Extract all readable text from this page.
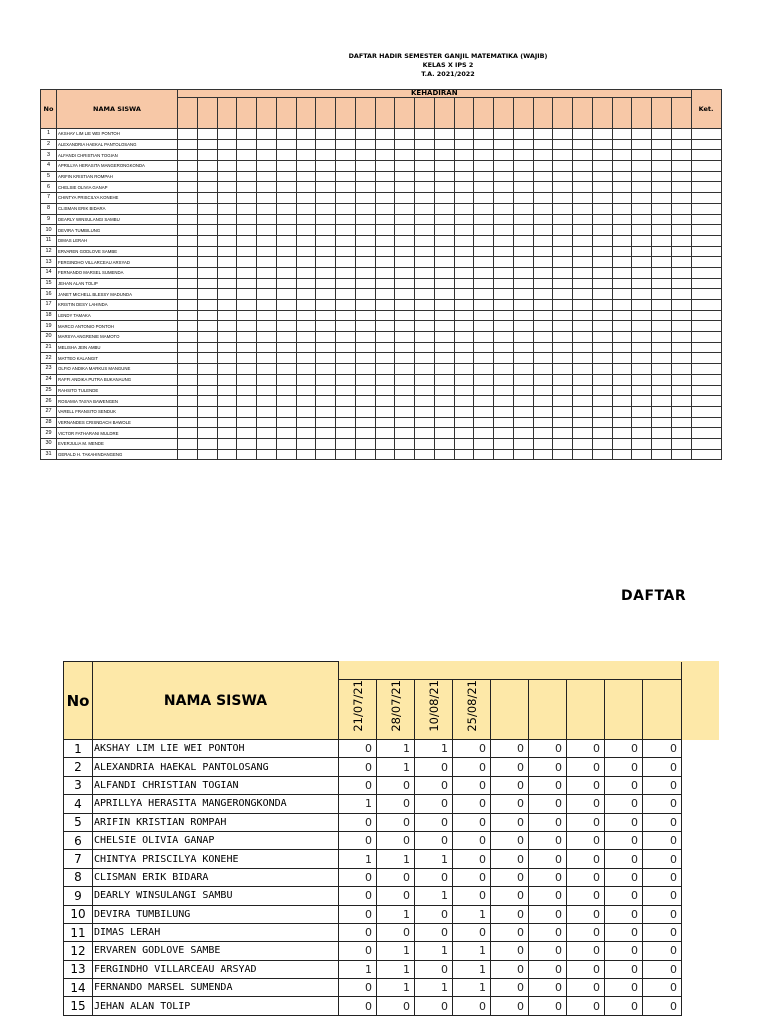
DAFTAR HADIR SEMESTER GANJIL MATEMATIKA (WAJIB)
KELAS X IPS 2
T.A. 2021/2022
No	NAMA SISWA	KEHADIRAN																										Ket.

1	AKSHAY LIM LIE WEI PONTOH																											
2	ALEXANDRIA HAEKAL PANTOLOSANG																											
3	ALFANDI CHRISTIAN TOGIAN																											
4	APRILLYA HERASITA MANGERONGKONDA																											
5	ARIFIN KRISTIAN ROMPAH																											
6	CHELSIE OLIVIA GANAP																											
7	CHINTYA PRISCILYA KONEHE																											
8	CLISMAN ERIK BIDARA																											
9	DEARLY WINSULANGI SAMBU																											
10	DEVIRA TUMBILUNG																											
11	DIMAS LERAH																											
12	ERVAREN GODLOVE SAMBE																											
13	FERGINDHO VILLARCEAU ARSYAD																											
14	FERNANDO MARSEL SUMENDA																											
15	JEHAN ALAN TOLIP																											
16	JANET MICHELL BLESSY MADUNDA																											
17	KRISTIN DESY LAHINDA																											
18	LENDY TAMAKA																											
19	MARCO ANTONIO PONTOH																											
20	MARSYA ANGRENIE MAMOTO																											
21	MELISHA JEIN AMBU																											
22	MATTEO KALANGIT																											
23	OLFIO ANDIKA MARKUS MANGUNE																											
24	RAFFI ANDIKA PUTRA BUKANAUNG																											
25	RAHSITO TULENDE																											
26	ROSAMIA TASYA BAWENGEN																											
27	VARELL FRANSITO SENDUK																											
28	VERNANDES CRISNDACH BAWOLE																											
29	VICTOR FATHARANI MULDRE																											
30	EVERJULIA M. MENDE																											
31	GERALD H. TAKAHINDANGENG																											
DAFTAR
No	NAMA SISWA									
		21/07/21	28/07/21	10/08/21	25/08/21					
1	AKSHAY LIM LIE WEI PONTOH	0	1	1	0	0	0	0	0	0
2	ALEXANDRIA HAEKAL PANTOLOSANG	0	1	0	0	0	0	0	0	0
3	ALFANDI CHRISTIAN TOGIAN	0	0	0	0	0	0	0	0	0
4	APRILLYA HERASITA MANGERONGKONDA	1	0	0	0	0	0	0	0	0
5	ARIFIN KRISTIAN ROMPAH	0	0	0	0	0	0	0	0	0
6	CHELSIE OLIVIA GANAP	0	0	0	0	0	0	0	0	0
7	CHINTYA PRISCILYA KONEHE	1	1	1	0	0	0	0	0	0
8	CLISMAN ERIK BIDARA	0	0	0	0	0	0	0	0	0
9	DEARLY WINSULANGI SAMBU	0	0	1	0	0	0	0	0	0
10	DEVIRA TUMBILUNG	0	1	0	1	0	0	0	0	0
11	DIMAS LERAH	0	0	0	0	0	0	0	0	0
12	ERVAREN GODLOVE SAMBE	0	1	1	1	0	0	0	0	0
13	FERGINDHO VILLARCEAU ARSYAD	1	1	0	1	0	0	0	0	0
14	FERNANDO MARSEL SUMENDA	0	1	1	1	0	0	0	0	0
15	JEHAN ALAN TOLIP	0	0	0	0	0	0	0	0	0
